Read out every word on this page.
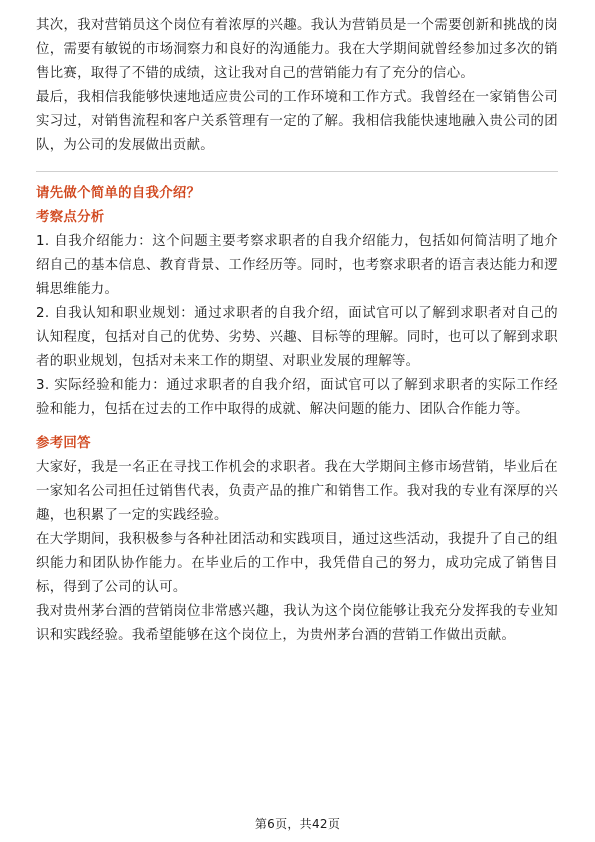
其次，我对营销员这个岗位有着浓厚的兴趣。我认为营销员是一个需要创新和挑战的岗位，需要有敏锐的市场洞察力和良好的沟通能力。我在大学期间就曾经参加过多次的销售比赛，取得了不错的成绩，这让我对自己的营销能力有了充分的信心。

最后，我相信我能够快速地适应贵公司的工作环境和工作方式。我曾经在一家销售公司实习过，对销售流程和客户关系管理有一定的了解。我相信我能快速地融入贵公司的团队，为公司的发展做出贡献。

请先做个简单的自我介绍？

考察点分析

1. 自我介绍能力：这个问题主要考察求职者的自我介绍能力，包括如何简洁明了地介绍自己的基本信息、教育背景、工作经历等。同时，也考察求职者的语言表达能力和逻辑思维能力。

2. 自我认知和职业规划：通过求职者的自我介绍，面试官可以了解到求职者对自己的认知程度，包括对自己的优势、劣势、兴趣、目标等的理解。同时，也可以了解到求职者的职业规划，包括对未来工作的期望、对职业发展的理解等。

3. 实际经验和能力：通过求职者的自我介绍，面试官可以了解到求职者的实际工作经验和能力，包括在过去的工作中取得的成就、解决问题的能力、团队合作能力等。

参考回答

大家好，我是一名正在寻找工作机会的求职者。我在大学期间主修市场营销，毕业后在一家知名公司担任过销售代表，负责产品的推广和销售工作。我对我的专业有深厚的兴趣，也积累了一定的实践经验。

在大学期间，我积极参与各种社团活动和实践项目，通过这些活动，我提升了自己的组织能力和团队协作能力。在毕业后的工作中，我凭借自己的努力，成功完成了销售目标，得到了公司的认可。

我对贵州茅台酒的营销岗位非常感兴趣，我认为这个岗位能够让我充分发挥我的专业知识和实践经验。我希望能够在这个岗位上，为贵州茅台酒的营销工作做出贡献。

第6页，共42页
